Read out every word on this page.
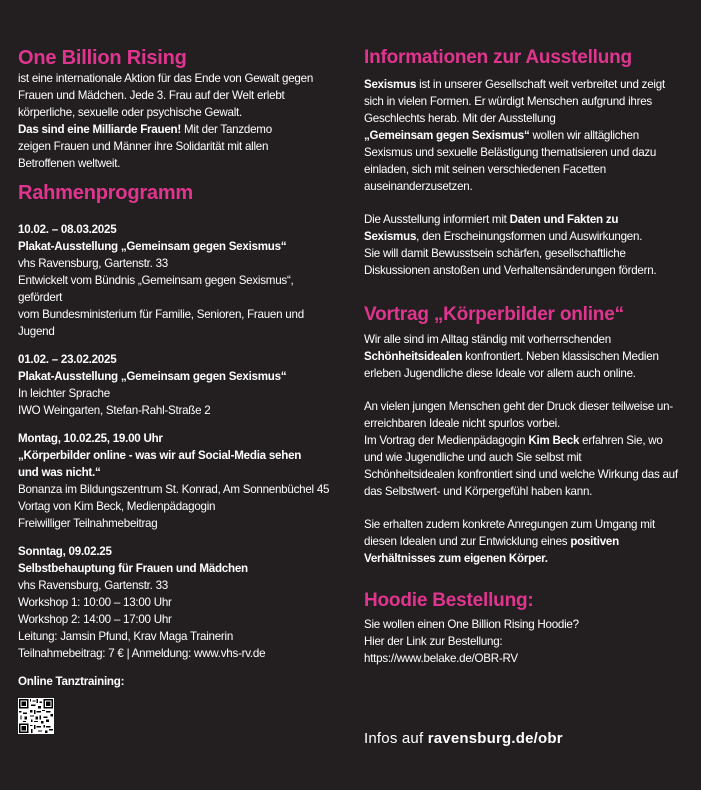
One Billion Rising

ist eine internationale Aktion für das Ende von Gewalt gegen

Frauen und Mädchen. Jede 3. Frau auf der Welt erlebt

körperliche, sexuelle oder psychische Gewalt.

Das sind eine Milliarde Frauen! Mit der Tanzdemo

zeigen Frauen und Männer ihre Solidarität mit allen

Betroffenen weltweit.

Rahmenprogramm

10.02. – 08.03.2025

Plakat-Ausstellung „Gemeinsam gegen Sexismus“

vhs Ravensburg, Gartenstr. 33

Entwickelt vom Bündnis „Gemeinsam gegen Sexismus“, gefördert

vom Bundesministerium für Familie, Senioren, Frauen und Jugend

01.02. – 23.02.2025

Plakat-Ausstellung „Gemeinsam gegen Sexismus“

In leichter Sprache

IWO Weingarten, Stefan-Rahl-Straße 2

Montag, 10.02.25, 19.00 Uhr

„Körperbilder online - was wir auf Social-Media sehen

und was nicht.“

Bonanza im Bildungszentrum St. Konrad, Am Sonnenbüchel 45

Vortag von Kim Beck, Medienpädagogin

Freiwilliger Teilnahmebeitrag

Sonntag, 09.02.25

Selbstbehauptung für Frauen und Mädchen

vhs Ravensburg, Gartenstr. 33

Workshop 1: 10:00 – 13:00 Uhr

Workshop 2: 14:00 – 17:00 Uhr

Leitung: Jamsin Pfund, Krav Maga Trainerin

Teilnahmebeitrag: 7 € | Anmeldung: www.vhs-rv.de

Online Tanztraining:

Informationen zur Ausstellung

Sexismus ist in unserer Gesellschaft weit verbreitet und zeigt

sich in vielen Formen. Er würdigt Menschen aufgrund ihres

Geschlechts herab. Mit der Ausstellung

„Gemeinsam gegen Sexismus“ wollen wir alltäglichen

Sexismus und sexuelle Belästigung thematisieren und dazu

einladen, sich mit seinen verschiedenen Facetten

auseinanderzusetzen.

Die Ausstellung informiert mit Daten und Fakten zu

Sexismus, den Erscheinungsformen und Auswirkungen.

Sie will damit Bewusstsein schärfen, gesellschaftliche

Diskussionen anstoßen und Verhaltensänderungen fördern.

Vortrag „Körperbilder online“

Wir alle sind im Alltag ständig mit vorherrschenden

Schönheitsidealen konfrontiert. Neben klassischen Medien

erleben Jugendliche diese Ideale vor allem auch online.

An vielen jungen Menschen geht der Druck dieser teilweise un-

erreichbaren Ideale nicht spurlos vorbei.

Im Vortrag der Medienpädagogin Kim Beck erfahren Sie, wo

und wie Jugendliche und auch Sie selbst mit

Schönheitsidealen konfrontiert sind und welche Wirkung das auf

das Selbstwert- und Körpergefühl haben kann.

Sie erhalten zudem konkrete Anregungen zum Umgang mit

diesen Idealen und zur Entwicklung eines positiven

Verhältnisses zum eigenen Körper.

Hoodie Bestellung:

Sie wollen einen One Billion Rising Hoodie?

Hier der Link zur Bestellung:

https://www.belake.de/OBR-RV

Infos auf ravensburg.de/obr
